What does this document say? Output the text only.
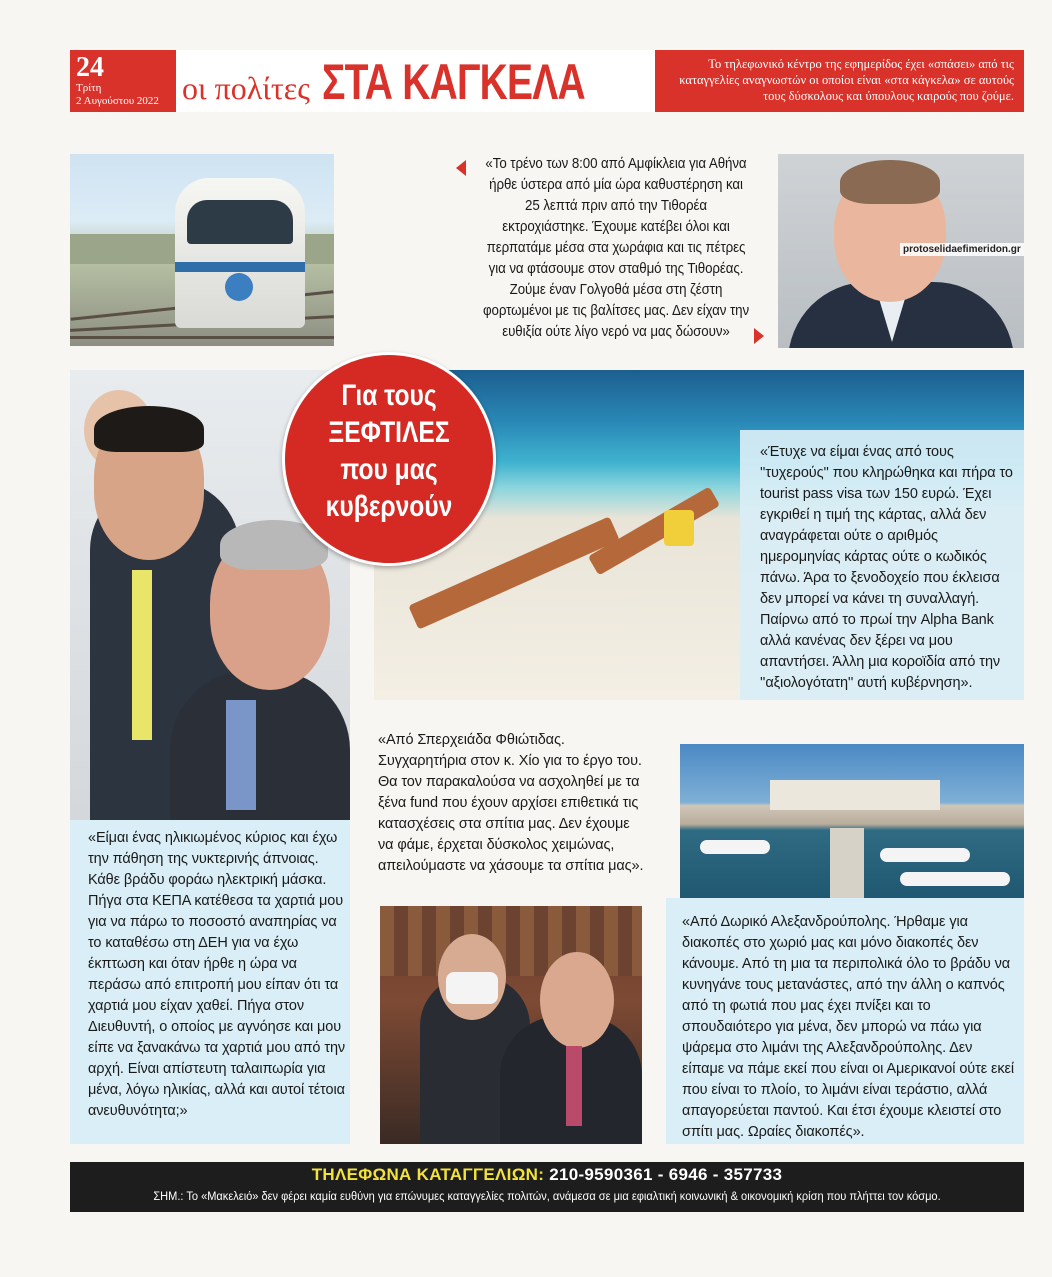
24
Τρίτη
2 Αυγούστου 2022 οι πολίτες ΣΤΑ ΚΑΓΚΕΛΑ	Το τηλεφωνικό κέντρο της εφημερίδος έχει «σπάσει» από τις καταγγελίες αναγνωστών οι οποίοι είναι «στα κάγκελα» σε αυτούς τους δύσκολους και ύπουλους καιρούς που ζούμε.
«Το τρένο των 8:00 από Αμφίκλεια για Αθήνα ήρθε ύστερα από μία ώρα καθυστέρηση και 25 λεπτά πριν από την Τιθορέα εκτροχιάστηκε. Έχουμε κατέβει όλοι και περπατάμε μέσα στα χωράφια και τις πέτρες για να φτάσουμε στον σταθμό της Τιθορέας. Ζούμε έναν Γολγοθά μέσα στη ζέστη φορτωμένοι με τις βαλίτσες μας. Δεν είχαν την ευθιξία ούτε λίγο νερό να μας δώσουν»
protoselidaefimeridon.gr
«Είμαι ένας ηλικιωμένος κύριος και έχω την πάθηση της νυκτερινής άπνοιας. Κάθε βράδυ φοράω ηλεκτρική μάσκα. Πήγα στα ΚΕΠΑ κατέθεσα τα χαρτιά μου για να πάρω το ποσοστό αναπηρίας να το καταθέσω στη ΔΕΗ για να έχω έκπτωση και όταν ήρθε η ώρα να περάσω από επιτροπή μου είπαν ότι τα χαρτιά μου είχαν χαθεί. Πήγα στον Διευθυντή, ο οποίος με αγνόησε και μου είπε να ξανακάνω τα χαρτιά μου από την αρχή. Είναι απίστευτη ταλαιπωρία για μένα, λόγω ηλικίας, αλλά και αυτοί τέτοια ανευθυνότητα;»
«Έτυχε να είμαι ένας από τους ''τυχερούς'' που κληρώθηκα και πήρα το tourist pass visa των 150 ευρώ. Έχει εγκριθεί η τιμή της κάρτας, αλλά δεν αναγράφεται ούτε ο αριθμός ημερομηνίας κάρτας ούτε ο κωδικός πάνω. Άρα το ξενοδοχείο που έκλεισα δεν μπορεί να κάνει τη συναλλαγή. Παίρνω από το πρωί την Alpha Bank αλλά κανένας δεν ξέρει να μου απαντήσει. Άλλη μια κοροϊδία από την ''αξιολογότατη'' αυτή κυβέρνηση».
Για τους
ΞΕΦΤΙΛΕΣ
που μας
κυβερνούν
«Από Σπερχειάδα Φθιώτιδας. Συγχαρητήρια στον κ. Χίο για το έργο του. Θα τον παρακαλούσα να ασχοληθεί με τα ξένα fund που έχουν αρχίσει επιθετικά τις κατασχέσεις στα σπίτια μας. Δεν έχουμε να φάμε, έρχεται δύσκολος χειμώνας, απειλούμαστε να χάσουμε τα σπίτια μας».
«Από Δωρικό Αλεξανδρούπολης. Ήρθαμε για διακοπές στο χωριό μας και μόνο διακοπές δεν κάνουμε. Από τη μια τα περιπολικά όλο το βράδυ να κυνηγάνε τους μετανάστες, από την άλλη ο καπνός από τη φωτιά που μας έχει πνίξει και το σπουδαιότερο για μένα, δεν μπορώ να πάω για ψάρεμα στο λιμάνι της Αλεξανδρούπολης. Δεν είπαμε να πάμε εκεί που είναι οι Αμερικανοί ούτε εκεί που είναι το πλοίο, το λιμάνι είναι τεράστιο, αλλά απαγορεύεται παντού. Και έτσι έχουμε κλειστεί στο σπίτι μας. Ωραίες διακοπές».
ΤΗΛΕΦΩΝΑ ΚΑΤΑΓΓΕΛΙΩΝ: 210-9590361 - 6946 - 357733
ΣΗΜ.: Το «Μακελειό» δεν φέρει καμία ευθύνη για επώνυμες καταγγελίες πολιτών, ανάμεσα σε μια εφιαλτική κοινωνική & οικονομική κρίση που πλήττει τον κόσμο.
